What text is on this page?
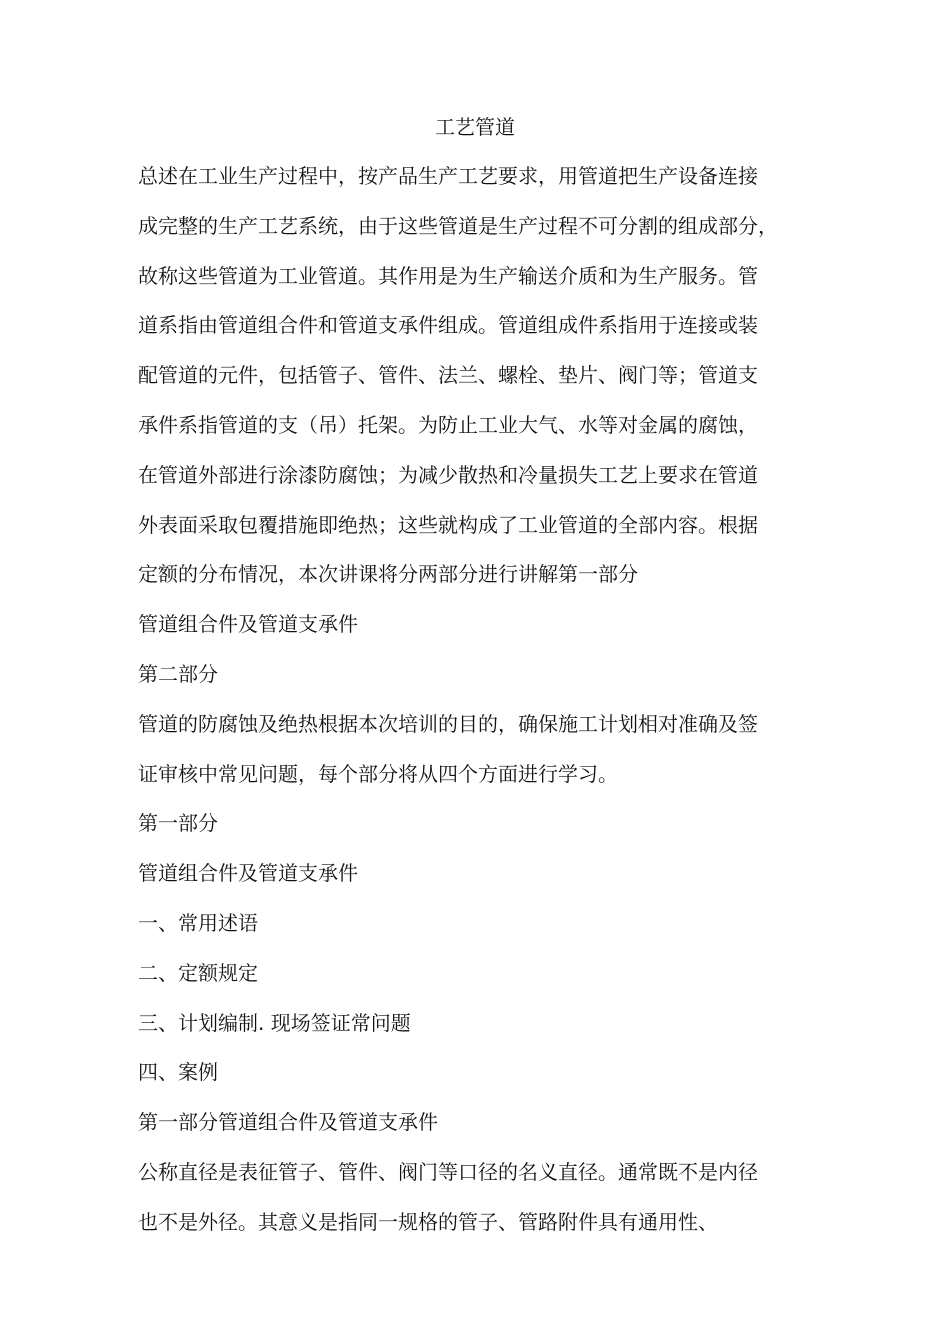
工艺管道

总述在工业生产过程中，按产品生产工艺要求，用管道把生产设备连接
成完整的生产工艺系统，由于这些管道是生产过程不可分割的组成部分，
故称这些管道为工业管道。其作用是为生产输送介质和为生产服务。管
道系指由管道组合件和管道支承件组成。管道组成件系指用于连接或装
配管道的元件，包括管子、管件、法兰、螺栓、垫片、阀门等；管道支
承件系指管道的支（吊）托架。为防止工业大气、水等对金属的腐蚀，
在管道外部进行涂漆防腐蚀；为减少散热和冷量损失工艺上要求在管道
外表面采取包覆措施即绝热；这些就构成了工业管道的全部内容。根据
定额的分布情况，本次讲课将分两部分进行讲解第一部分

管道组合件及管道支承件

第二部分

管道的防腐蚀及绝热根据本次培训的目的，确保施工计划相对准确及签
证审核中常见问题，每个部分将从四个方面进行学习。

第一部分

管道组合件及管道支承件

一、常用述语
二、定额规定
三、计划编制. 现场签证常问题
四、案例

第一部分管道组合件及管道支承件

公称直径是表征管子、管件、阀门等口径的名义直径。通常既不是内径
也不是外径。其意义是指同一规格的管子、管路附件具有通用性、
